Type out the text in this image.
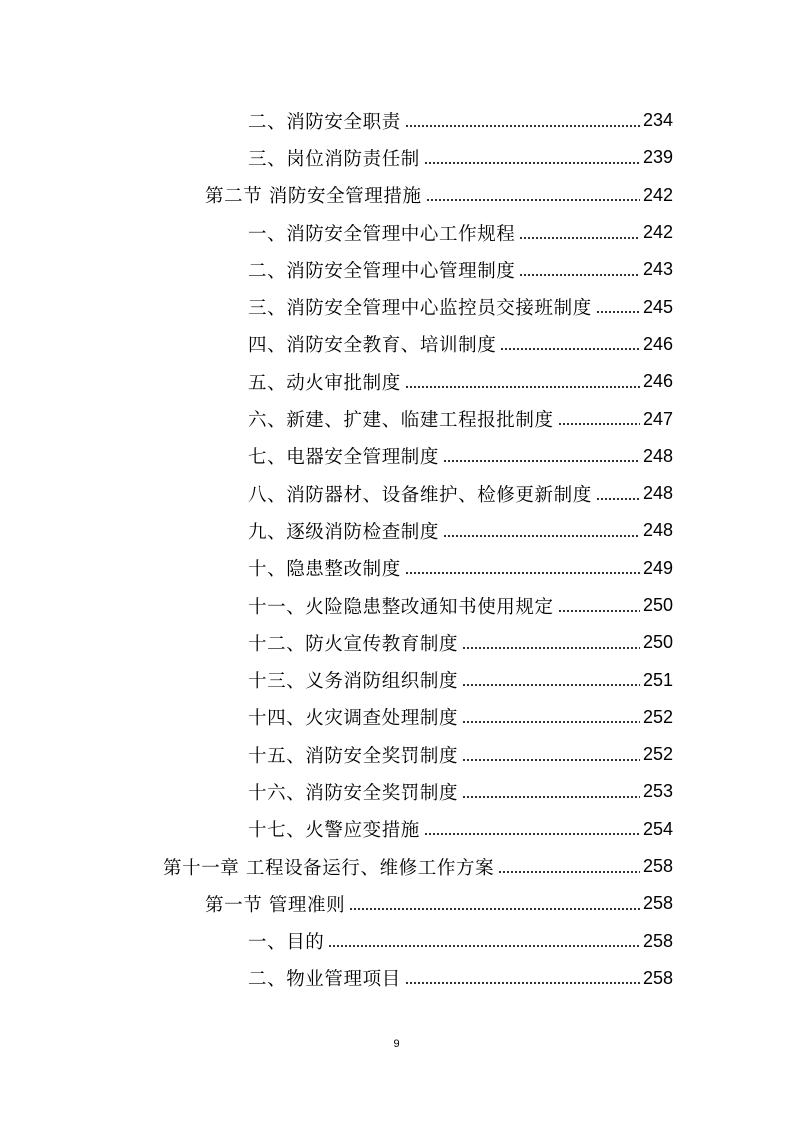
二、消防安全职责	234
三、岗位消防责任制	239
第二节 消防安全管理措施	242
一、消防安全管理中心工作规程	242
二、消防安全管理中心管理制度	243
三、消防安全管理中心监控员交接班制度	245
四、消防安全教育、培训制度	246
五、动火审批制度	246
六、新建、扩建、临建工程报批制度	247
七、电器安全管理制度	248
八、消防器材、设备维护、检修更新制度	248
九、逐级消防检查制度	248
十、隐患整改制度	249
十一、火险隐患整改通知书使用规定	250
十二、防火宣传教育制度	250
十三、义务消防组织制度	251
十四、火灾调查处理制度	252
十五、消防安全奖罚制度	252
十六、消防安全奖罚制度	253
十七、火警应变措施	254
第十一章 工程设备运行、维修工作方案	258
第一节 管理准则	258
一、目的	258
二、物业管理项目	258
9
